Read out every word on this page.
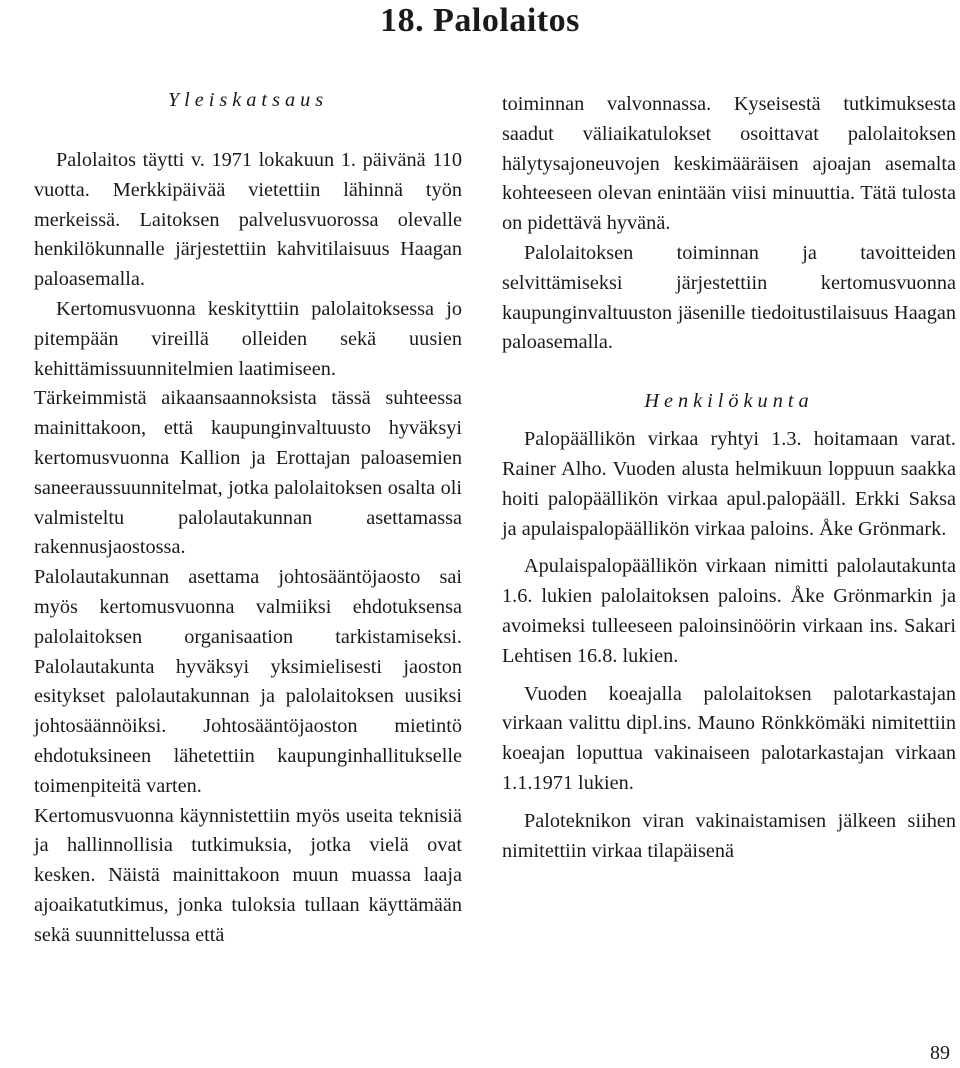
18. Palolaitos
Yleiskatsaus

Palolaitos täytti v. 1971 lokakuun 1. päivänä 110 vuotta. Merkkipäivää vietettiin lähinnä työn merkeissä. Laitoksen palvelusvuorossa olevalle henkilökunnalle järjestettiin kahvitilaisuus Haagan paloasemalla.

Kertomusvuonna keskityttiin palolaitoksessa jo pitempään vireillä olleiden sekä uusien kehittämissuunnitelmien laatimiseen.

Tärkeimmistä aikaansaannoksista tässä suhteessa mainittakoon, että kaupunginvaltuusto hyväksyi kertomusvuonna Kallion ja Erottajan paloasemien saneeraussuunnitelmat, jotka palolaitoksen osalta oli valmisteltu palolautakunnan asettamassa rakennusjaostossa.

Palolautakunnan asettama johtosääntöjaosto sai myös kertomusvuonna valmiiksi ehdotuksensa palolaitoksen organisaation tarkistamiseksi. Palolautakunta hyväksyi yksimielisesti jaoston esitykset palolautakunnan ja palolaitoksen uusiksi johtosäännöiksi. Johtosääntöjaoston mietintö ehdotuksineen lähetettiin kaupunginhallitukselle toimenpiteitä varten.

Kertomusvuonna käynnistettiin myös useita teknisiä ja hallinnollisia tutkimuksia, jotka vielä ovat kesken. Näistä mainittakoon muun muassa laaja ajoaikatutkimus, jonka tuloksia tullaan käyttämään sekä suunnittelussa että

toiminnan valvonnassa. Kyseisestä tutkimuksesta saadut väliaikatulokset osoittavat palolaitoksen hälytysajoneuvojen keskimääräisen ajoajan asemalta kohteeseen olevan enintään viisi minuuttia. Tätä tulosta on pidettävä hyvänä.

Palolaitoksen toiminnan ja tavoitteiden selvittämiseksi järjestettiin kertomusvuonna kaupunginvaltuuston jäsenille tiedoitustilaisuus Haagan paloasemalla.

Henkilökunta

Palopäällikön virkaa ryhtyi 1.3. hoitamaan varat. Rainer Alho. Vuoden alusta helmikuun loppuun saakka hoiti palopäällikön virkaa apul.palopääll. Erkki Saksa ja apulaispalopäällikön virkaa paloins. Åke Grönmark.

Apulaispalopäällikön virkaan nimitti palolautakunta 1.6. lukien palolaitoksen paloins. Åke Grönmarkin ja avoimeksi tulleeseen paloinsinöörin virkaan ins. Sakari Lehtisen 16.8. lukien.

Vuoden koeajalla palolaitoksen palotarkastajan virkaan valittu dipl.ins. Mauno Rönkkömäki nimitettiin koeajan loputtua vakinaiseen palotarkastajan virkaan 1.1.1971 lukien.

Paloteknikon viran vakinaistamisen jälkeen siihen nimitettiin virkaa tilapäisenä

89
